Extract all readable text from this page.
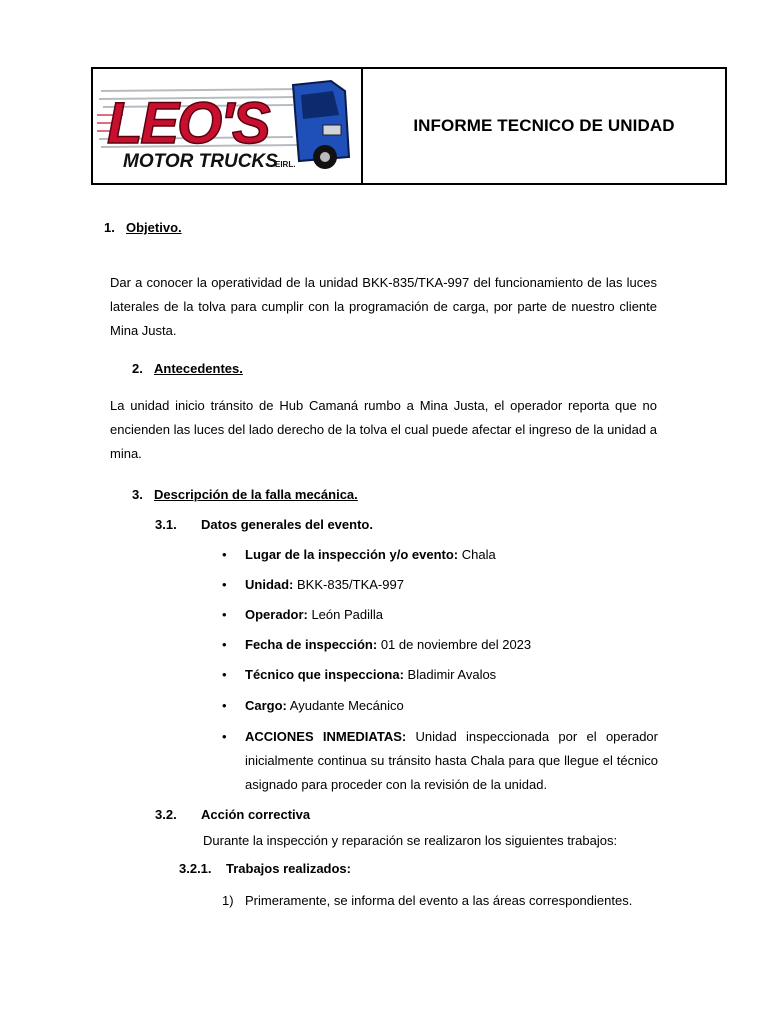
LEO'S
MOTOR TRUCKS
EIRL.
INFORME TECNICO DE UNIDAD
1. Objetivo.
Dar a conocer la operatividad de la unidad BKK-835/TKA-997 del funcionamiento de las luces laterales de la tolva para cumplir con la programación de carga, por parte de nuestro cliente Mina Justa.
2. Antecedentes.
La unidad inicio tránsito de Hub Camaná rumbo a Mina Justa, el operador reporta que no encienden las luces del lado derecho de la tolva el cual puede afectar el ingreso de la unidad a mina.
3. Descripción de la falla mecánica.
3.1. Datos generales del evento.
• Lugar de la inspección y/o evento: Chala
• Unidad: BKK-835/TKA-997
• Operador: León Padilla
• Fecha de inspección: 01 de noviembre del 2023
• Técnico que inspecciona: Bladimir Avalos
• Cargo: Ayudante Mecánico
• ACCIONES INMEDIATAS: Unidad inspeccionada por el operador inicialmente continua su tránsito hasta Chala para que llegue el técnico asignado para proceder con la revisión de la unidad.
3.2. Acción correctiva
Durante la inspección y reparación se realizaron los siguientes trabajos:
3.2.1. Trabajos realizados:
1) Primeramente, se informa del evento a las áreas correspondientes.
